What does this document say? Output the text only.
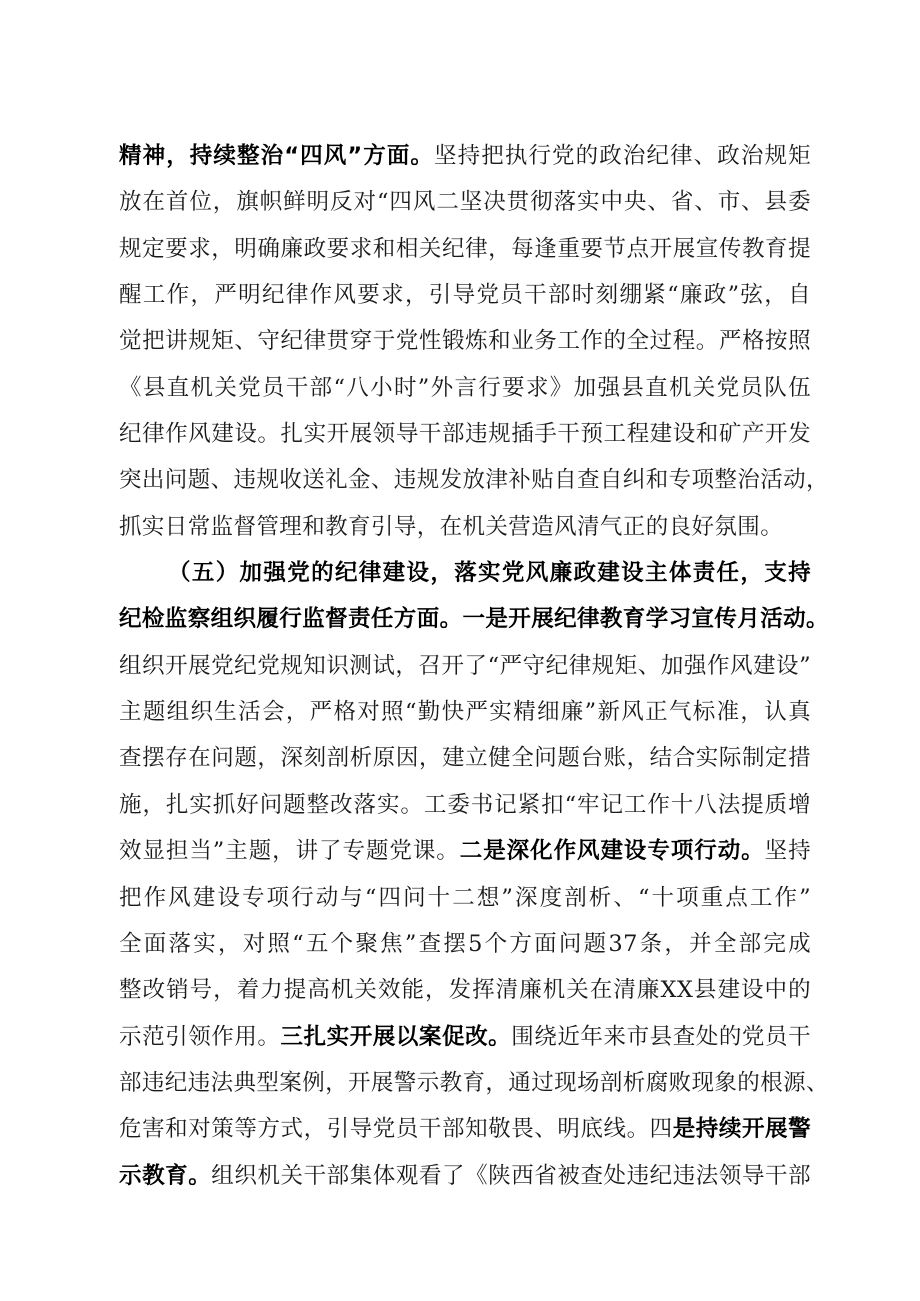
精神，持续整治“四风”方面。坚持把执行党的政治纪律、政治规矩
放在首位，旗帜鲜明反对“四风二坚决贯彻落实中央、省、市、县委
规定要求，明确廉政要求和相关纪律，每逢重要节点开展宣传教育提
醒工作，严明纪律作风要求，引导党员干部时刻绷紧“廉政”弦，自
觉把讲规矩、守纪律贯穿于党性锻炼和业务工作的全过程。严格按照
《县直机关党员干部“八小时”外言行要求》加强县直机关党员队伍
纪律作风建设。扎实开展领导干部违规插手干预工程建设和矿产开发
突出问题、违规收送礼金、违规发放津补贴自查自纠和专项整治活动，
抓实日常监督管理和教育引导，在机关营造风清气正的良好氛围。
（五）加强党的纪律建设，落实党风廉政建设主体责任，支持
纪检监察组织履行监督责任方面。一是开展纪律教育学习宣传月活动。
组织开展党纪党规知识测试，召开了“严守纪律规矩、加强作风建设”
主题组织生活会，严格对照“勤快严实精细廉”新风正气标准，认真
查摆存在问题，深刻剖析原因，建立健全问题台账，结合实际制定措
施，扎实抓好问题整改落实。工委书记紧扣“牢记工作十八法提质增
效显担当”主题，讲了专题党课。二是深化作风建设专项行动。坚持
把作风建设专项行动与“四问十二想”深度剖析、“十项重点工作”
全面落实，对照“五个聚焦”查摆5个方面问题37条，并全部完成
整改销号，着力提高机关效能，发挥清廉机关在清廉XX县建设中的
示范引领作用。三扎实开展以案促改。围绕近年来市县查处的党员干
部违纪违法典型案例，开展警示教育，通过现场剖析腐败现象的根源、
危害和对策等方式，引导党员干部知敬畏、明底线。四是持续开展警
示教育。组织机关干部集体观看了《陕西省被查处违纪违法领导干部
